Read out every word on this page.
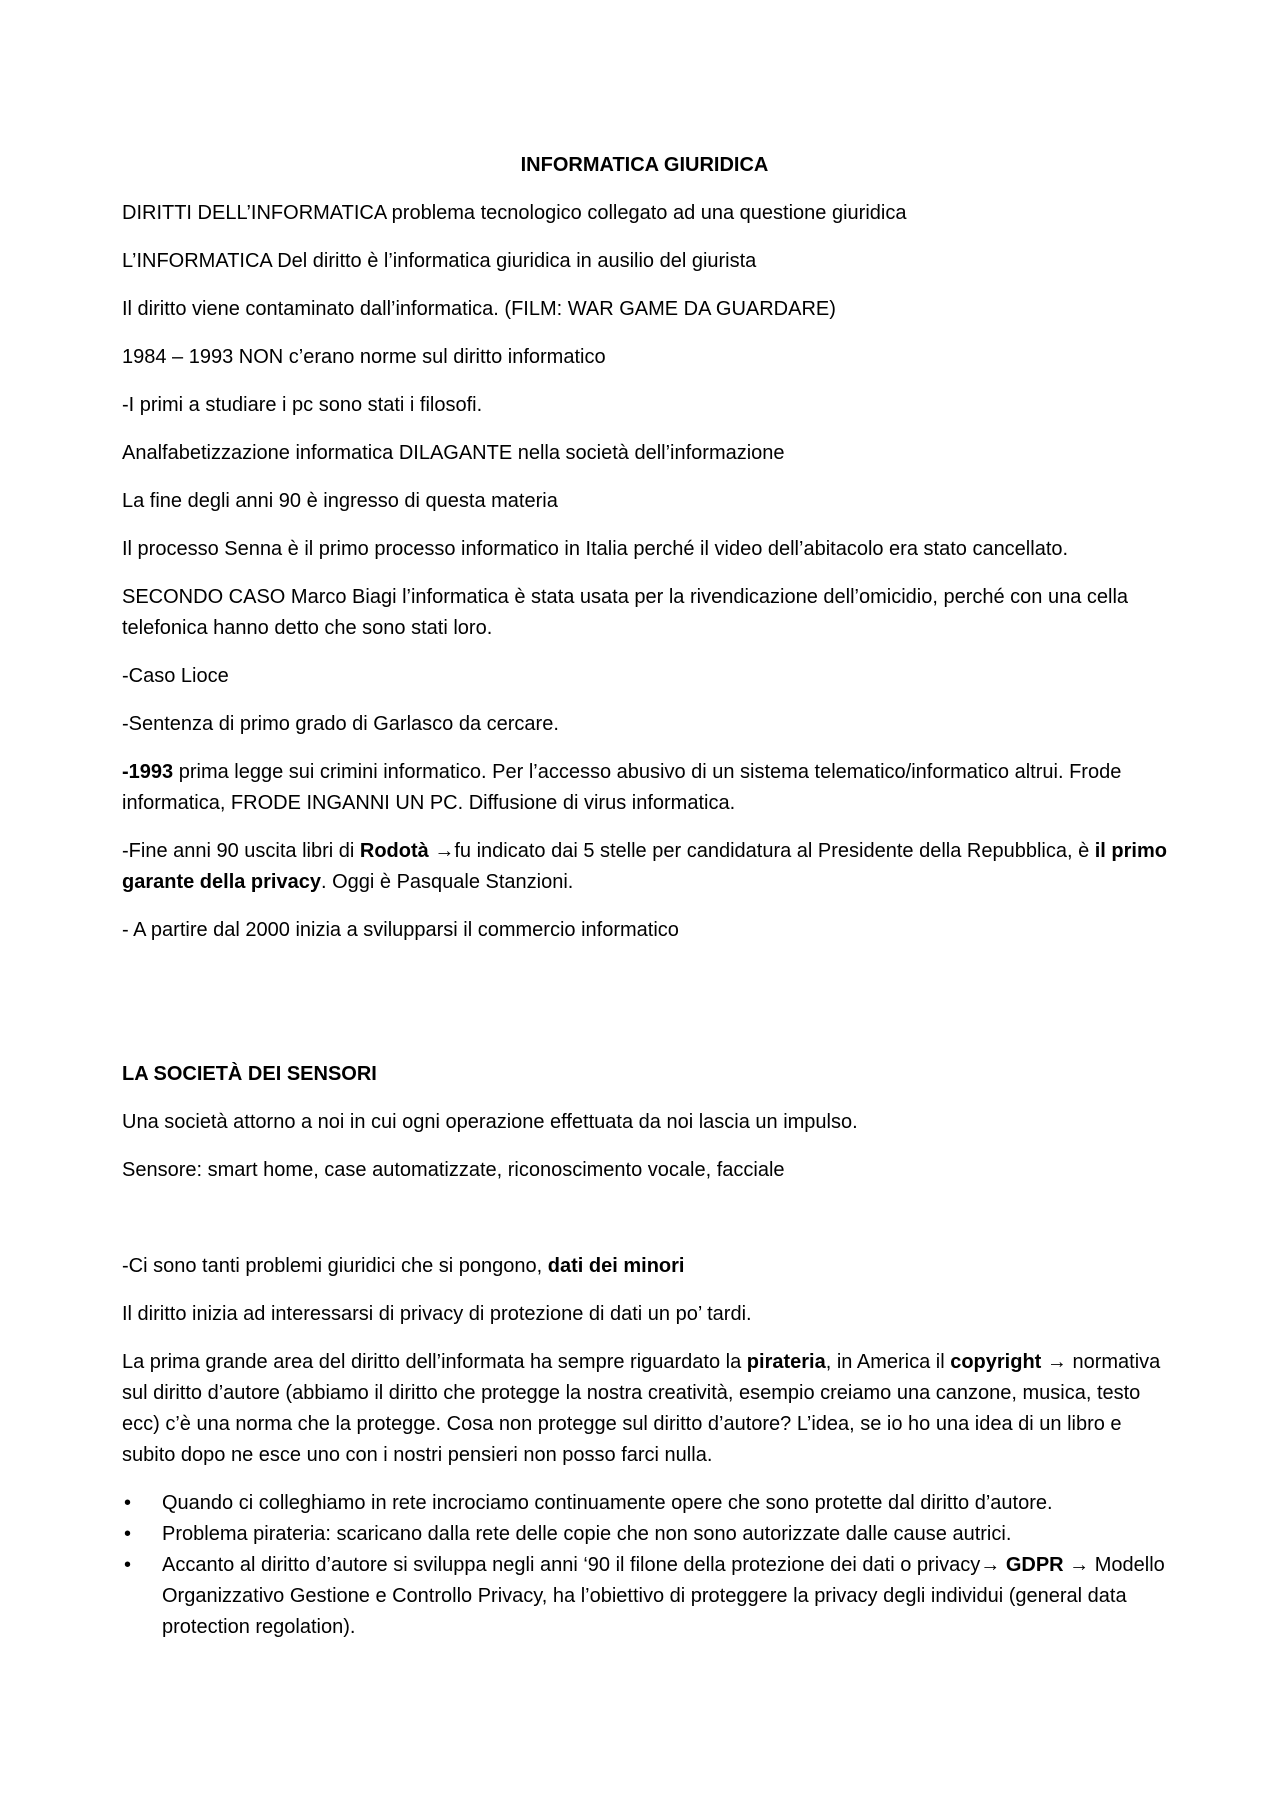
INFORMATICA GIURIDICA

DIRITTI DELL’INFORMATICA problema tecnologico collegato ad una questione giuridica

L’INFORMATICA Del diritto è l’informatica giuridica in ausilio del giurista

Il diritto viene contaminato dall’informatica. (FILM: WAR GAME DA GUARDARE)

1984 – 1993 NON c’erano norme sul diritto informatico

-I primi a studiare i pc sono stati i filosofi.

Analfabetizzazione informatica DILAGANTE nella società dell’informazione

La fine degli anni 90 è ingresso di questa materia

Il processo Senna è il primo processo informatico in Italia perché il video dell’abitacolo era stato cancellato.

SECONDO CASO Marco Biagi l’informatica è stata usata per la rivendicazione dell’omicidio, perché con una cella telefonica hanno detto che sono stati loro.

-Caso Lioce

-Sentenza di primo grado di Garlasco da cercare.

-1993 prima legge sui crimini informatico. Per l’accesso abusivo di un sistema telematico/informatico altrui. Frode informatica, FRODE INGANNI UN PC. Diffusione di virus informatica.

-Fine anni 90 uscita libri di Rodotà →fu indicato dai 5 stelle per candidatura al Presidente della Repubblica, è il primo garante della privacy. Oggi è Pasquale Stanzioni.

- A partire dal 2000 inizia a svilupparsi il commercio informatico

LA SOCIETÀ DEI SENSORI

Una società attorno a noi in cui ogni operazione effettuata da noi lascia un impulso.

Sensore: smart home, case automatizzate, riconoscimento vocale, facciale

-Ci sono tanti problemi giuridici che si pongono, dati dei minori

Il diritto inizia ad interessarsi di privacy di protezione di dati un po’ tardi.

La prima grande area del diritto dell’informata ha sempre riguardato la pirateria, in America il copyright → normativa sul diritto d’autore (abbiamo il diritto che protegge la nostra creatività, esempio creiamo una canzone, musica, testo ecc) c’è una norma che la protegge. Cosa non protegge sul diritto d’autore? L’idea, se io ho una idea di un libro e subito dopo ne esce uno con i nostri pensieri non posso farci nulla.

• Quando ci colleghiamo in rete incrociamo continuamente opere che sono protette dal diritto d’autore.
• Problema pirateria: scaricano dalla rete delle copie che non sono autorizzate dalle cause autrici.
• Accanto al diritto d’autore si sviluppa negli anni ‘90 il filone della protezione dei dati o privacy→ GDPR → Modello Organizzativo Gestione e Controllo Privacy, ha l’obiettivo di proteggere la privacy degli individui (general data protection regolation).
